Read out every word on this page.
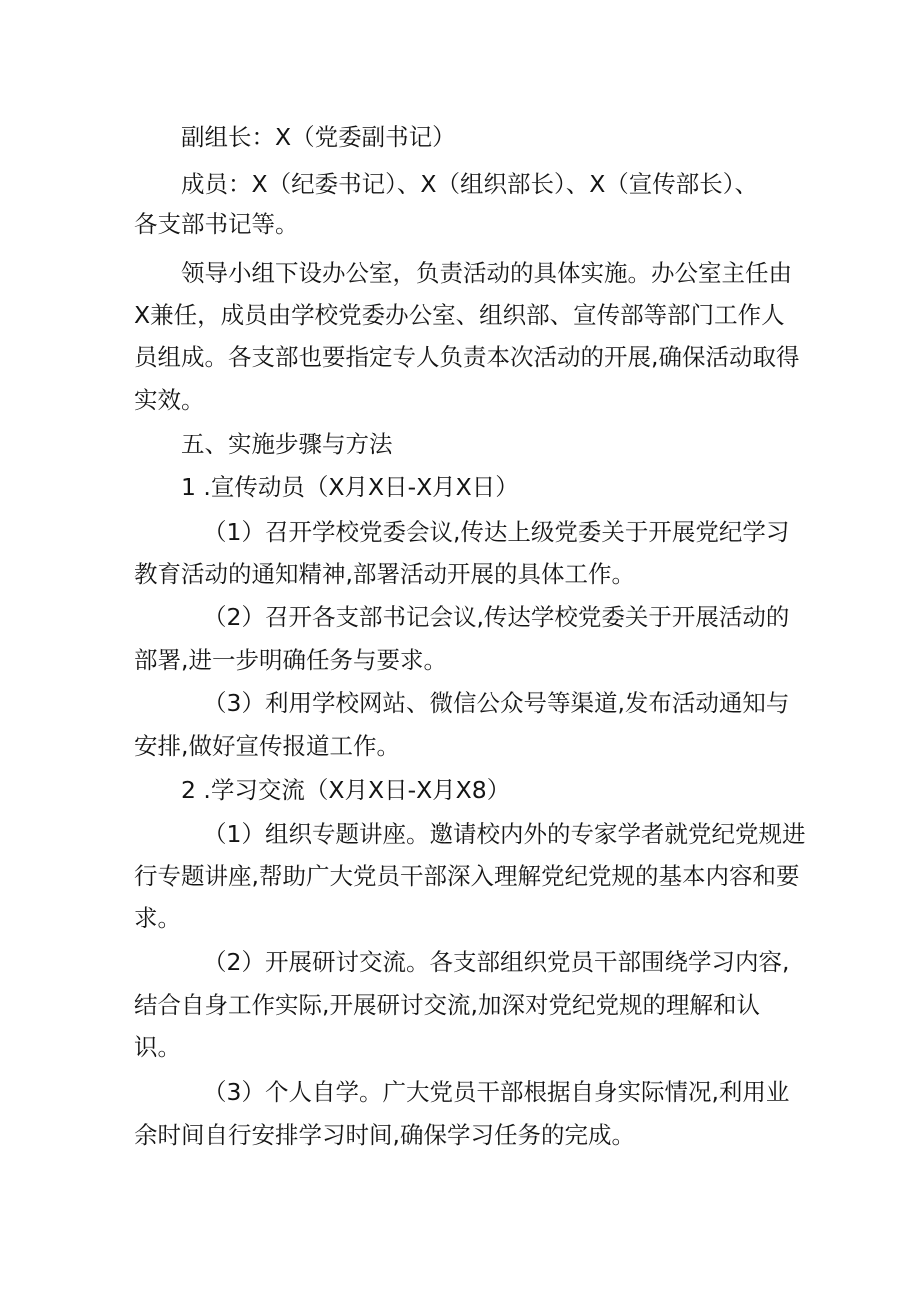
副组长：X（党委副书记）
成员：X（纪委书记）、X（组织部长）、X（宣传部长）、
各支部书记等。
领导小组下设办公室，负责活动的具体实施。办公室主任由
X兼任，成员由学校党委办公室、组织部、宣传部等部门工作人
员组成。各支部也要指定专人负责本次活动的开展,确保活动取得
实效。
五、实施步骤与方法
1 .宣传动员（X月X日-X月X日）
（1）召开学校党委会议,传达上级党委关于开展党纪学习
教育活动的通知精神,部署活动开展的具体工作。
（2）召开各支部书记会议,传达学校党委关于开展活动的
部署,进一步明确任务与要求。
（3）利用学校网站、微信公众号等渠道,发布活动通知与
安排,做好宣传报道工作。
2 .学习交流（X月X日-X月X8）
（1）组织专题讲座。邀请校内外的专家学者就党纪党规进
行专题讲座,帮助广大党员干部深入理解党纪党规的基本内容和要
求。
（2）开展研讨交流。各支部组织党员干部围绕学习内容,
结合自身工作实际,开展研讨交流,加深对党纪党规的理解和认
识。
（3）个人自学。广大党员干部根据自身实际情况,利用业
余时间自行安排学习时间,确保学习任务的完成。
